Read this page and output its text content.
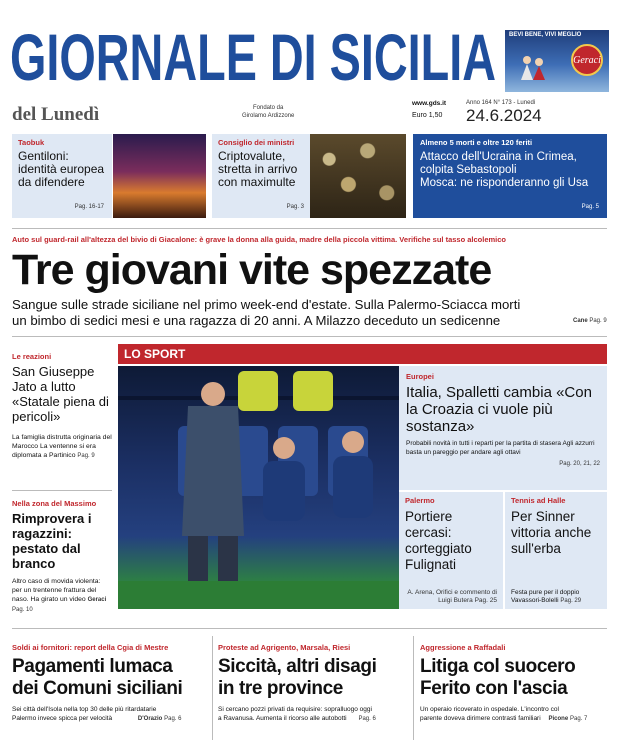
GIORNALE DI SICILIA BEVI BENE, VIVI MEGLIO
Geraci
del Lunedì	Fondato da
Girolamo Ardizzone
www.gds.it
Euro 1,50
Anno 164 N° 173 - Lunedì
24.6.2024
Taobuk
Gentiloni: identità europea da difendere
Pag. 16-17
Consiglio dei ministri
Criptovalute, stretta in arrivo con maximulte
Pag. 3
Almeno 5 morti e oltre 120 feriti
Attacco dell'Ucraina in Crimea, colpita Sebastopoli
Mosca: ne risponderanno gli Usa
Pag. 5
Auto sul guard-rail all'altezza del bivio di Giacalone: è grave la donna alla guida, madre della piccola vittima. Verifiche sul tasso alcolemico
Tre giovani vite spezzate
Sangue sulle strade siciliane nel primo week-end d'estate. Sulla Palermo-Sciacca morti
un bimbo di sedici mesi e una ragazza di 20 anni. A Milazzo deceduto un sedicenne	Cane Pag. 9
Le reazioni
San Giuseppe Jato a lutto «Statale piena di pericoli»
La famiglia distrutta originaria del Marocco La ventenne si era diplomata a Partinico Pag. 9
Nella zona del Massimo
Rimprovera i ragazzini: pestato dal branco
Altro caso di movida violenta: per un trentenne frattura del naso. Ha girato un video Geraci Pag. 10
LO SPORT
Europei
Italia, Spalletti cambia «Con la Croazia ci vuole più sostanza»
Probabili novità in tutti i reparti per la partita di stasera Agli azzurri basta un pareggio per andare agli ottavi
Pag. 20, 21, 22
Palermo
Portiere cercasi: corteggiato Fulignati
A. Arena, Orifici e commento di Luigi Butera Pag. 25
Tennis ad Halle
Per Sinner vittoria anche sull'erba
Festa pure per il doppio Vavassori-Bolelli Pag. 29
Soldi ai fornitori: report della Cgia di Mestre
Pagamenti lumaca
dei Comuni siciliani
Sei città dell'Isola nella top 30 delle più ritardatarie
Palermo invece spicca per velocità	D'Orazio Pag. 6
Proteste ad Agrigento, Marsala, Riesi
Siccità, altri disagi
in tre province
Si cercano pozzi privati da requisire: sopralluogo oggi
a Ravanusa. Aumenta il ricorso alle autobotti Pag. 6
Aggressione a Raffadali
Litiga col suocero
Ferito con l'ascia
Un operaio ricoverato in ospedale. L'incontro col
parente doveva dirimere contrasti familiari Picone Pag. 7
